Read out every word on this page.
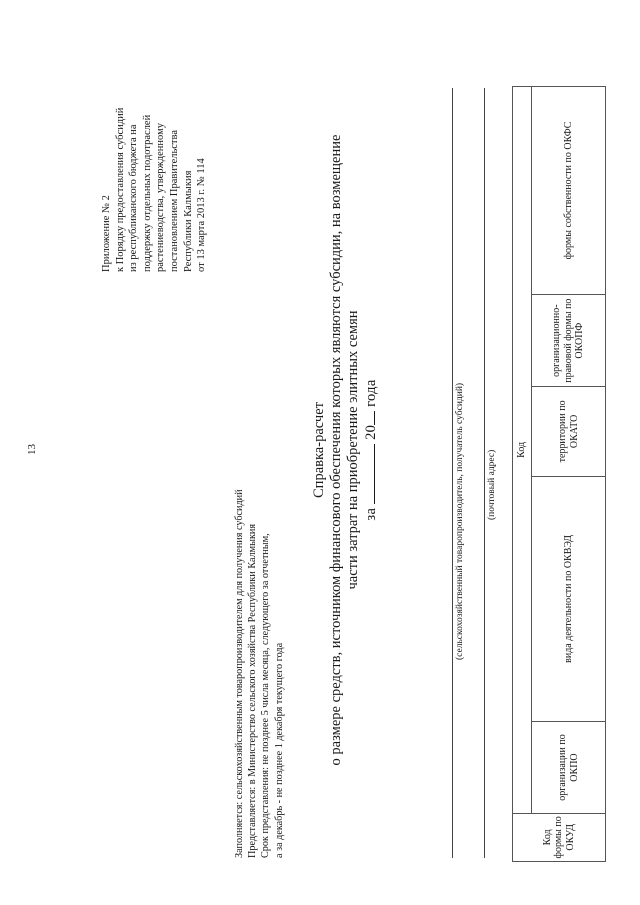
13
Приложение № 2 к Порядку предоставления субсидий из республиканского бюджета на поддержку отдельных подотраслей растениеводства, утвержденному постановлением Правительства Республики Калмыкия от 13 марта 2013 г. № 114
Заполняется: сельскохозяйственным товаропроизводителем для получения субсидий Представляется: в Министерство сельского хозяйства Республики Калмыкия Срок представления: не позднее 5 числа месяца, следующего за отчетным, а за декабрь - не позднее 1 декабря текущего года
Справка-расчет о размере средств, источником финансового обеспечения которых являются субсидии, на возмещение части затрат на приобретение элитных семян за  20 года	(сельскохозяйственный товаропроизводитель, получатель субсидий) (почтовый адрес)
Код формы по ОКУД	Код				
	организации по ОКПО	вида деятельности по ОКВЭД	территории по ОКАТО	организационно-правовой формы по ОКОПФ	формы собственности по ОКФС
